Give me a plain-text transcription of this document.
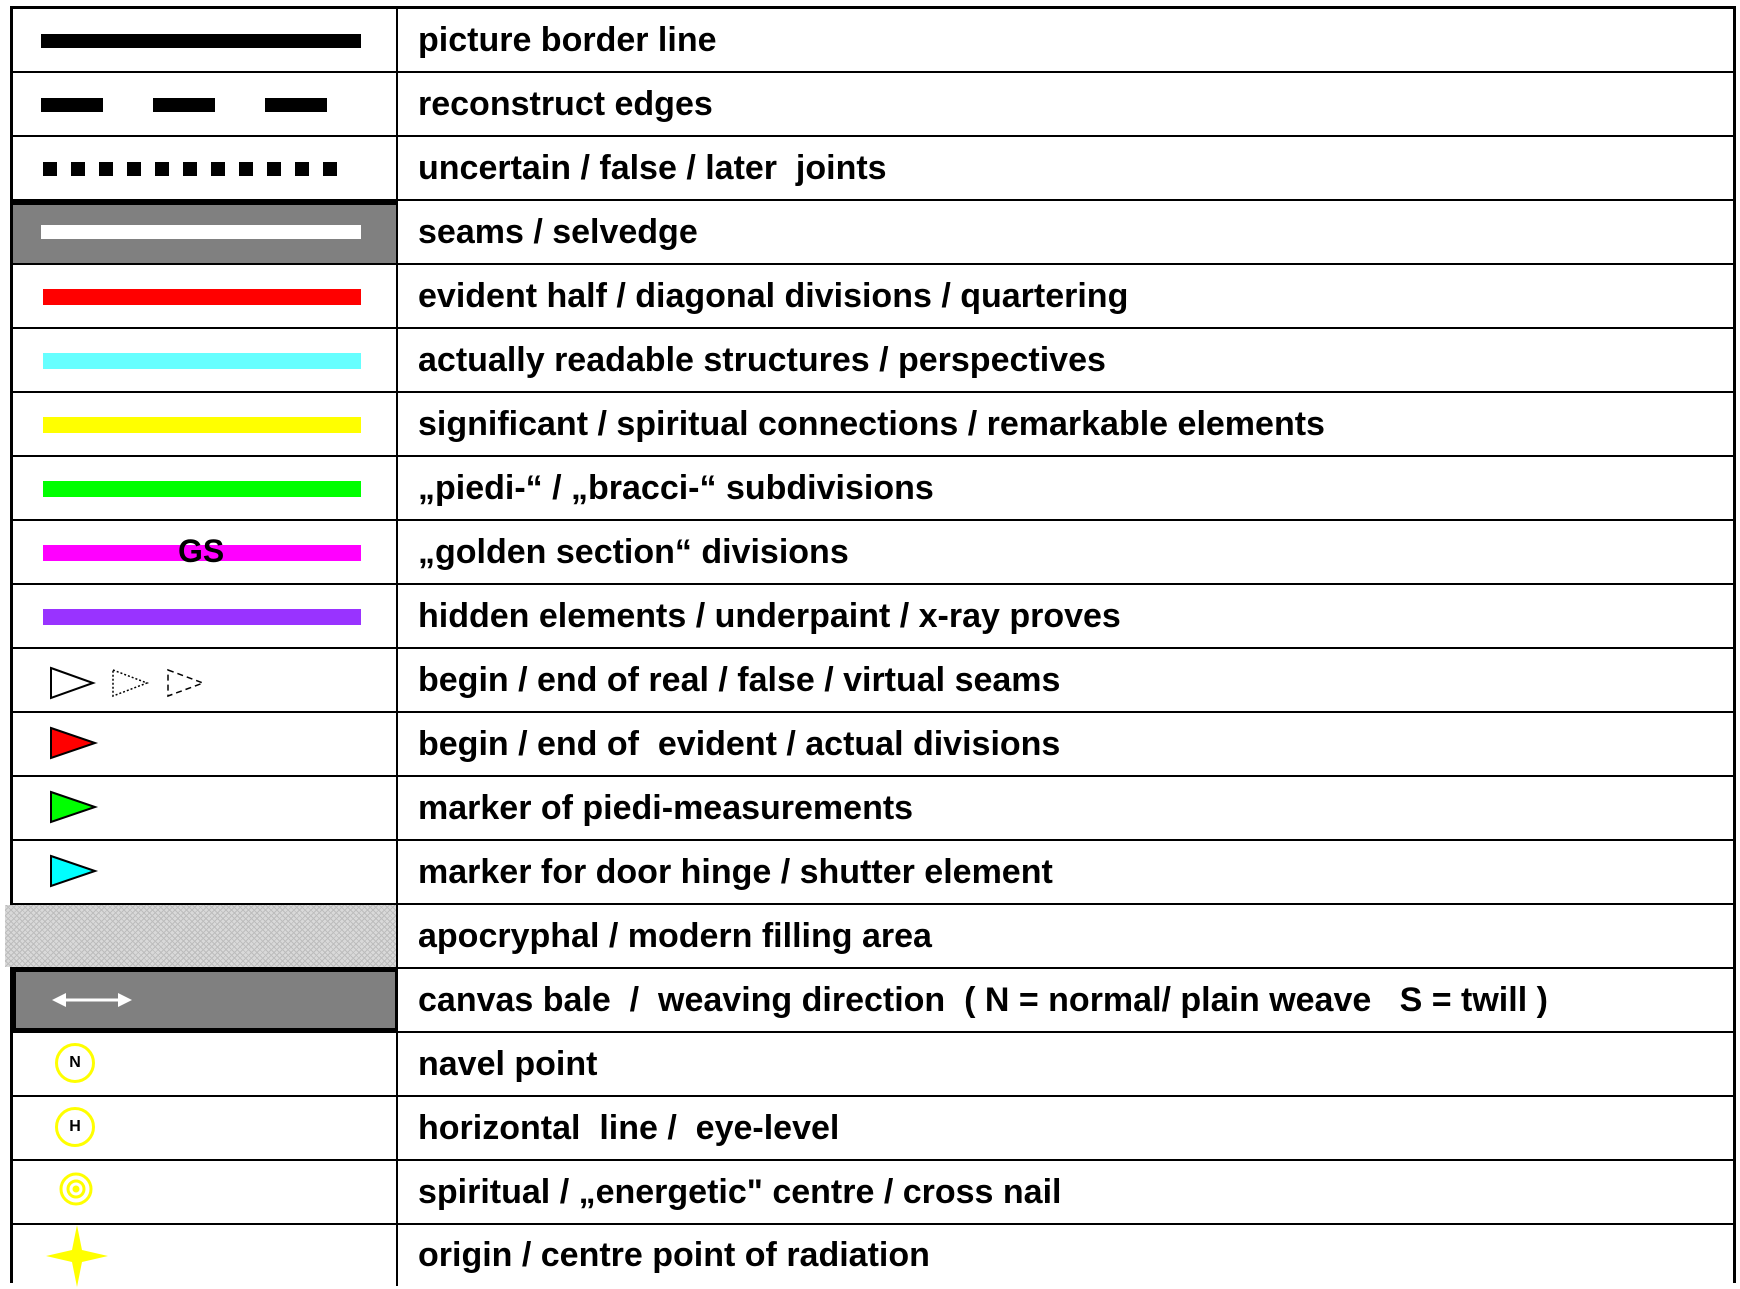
picture border line
reconstruct edges
uncertain / false / later  joints
seams / selvedge
evident half / diagonal divisions / quartering
actually readable structures / perspectives
significant / spiritual connections / remarkable elements
„piedi-“ / „bracci-“ subdivisions
GS	„golden section“ divisions
hidden elements / underpaint / x-ray proves
begin / end of real / false / virtual seams
begin / end of  evident / actual divisions
marker of piedi-measurements
marker for door hinge / shutter element
apocryphal / modern filling area
canvas bale  /  weaving direction  ( N = normal/ plain weave   S = twill )
N	navel point
H	horizontal  line /  eye-level
spiritual / „energetic" centre / cross nail
origin / centre point of radiation
